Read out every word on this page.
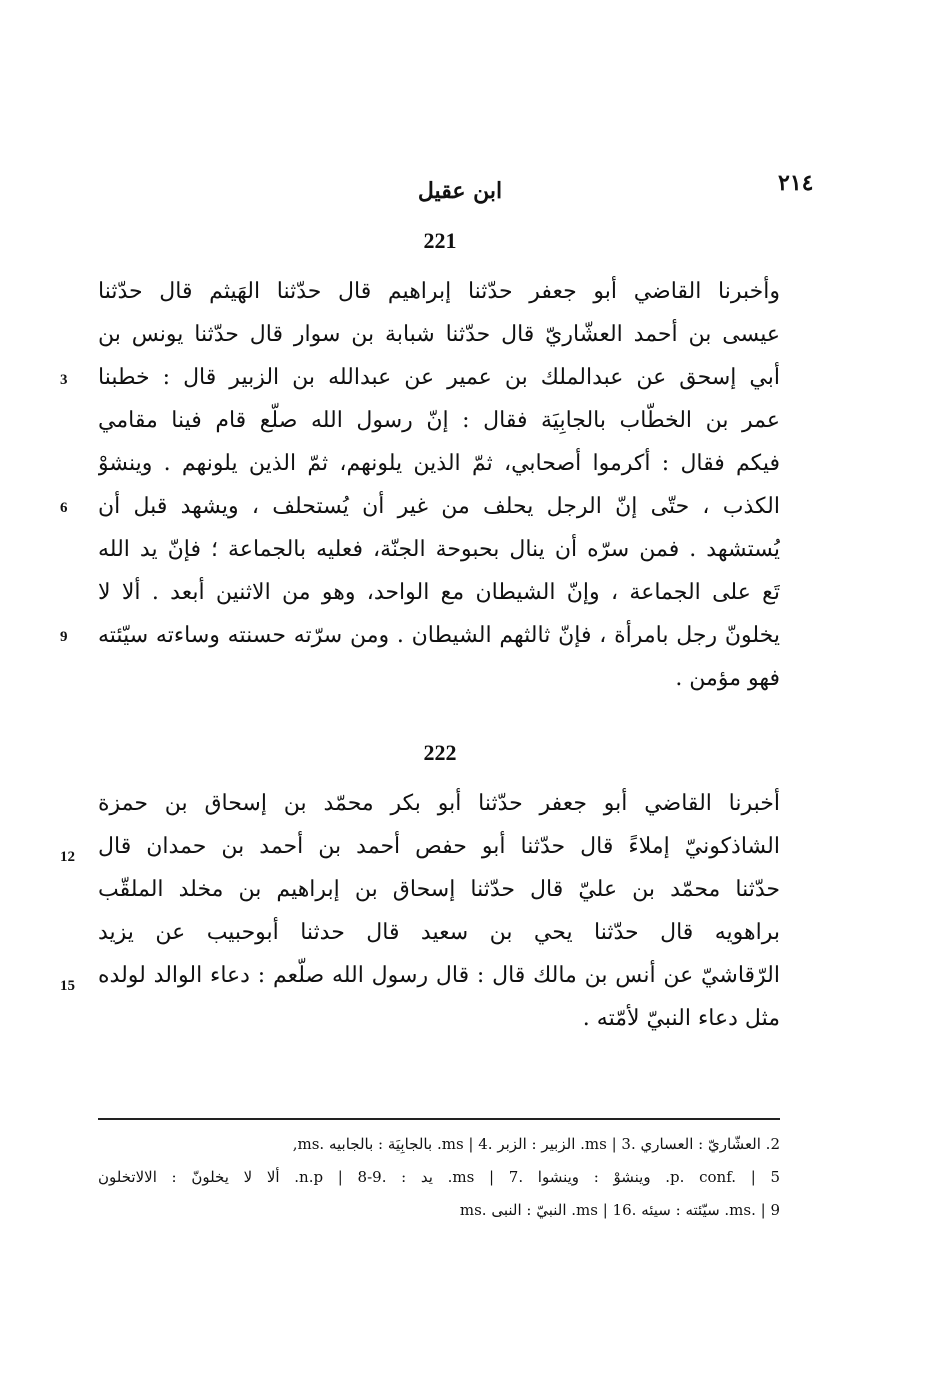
٢١٤
ابن عقيل
221
وأخبرنا القاضي أبو جعفر حدّثنا إبراهيم قال حدّثنا الهَيثم قال حدّثنا
عيسى بن أحمد العشّاريّ قال حدّثنا شبابة بن سوار قال حدّثنا يونس بن
أبي إسحق عن عبدالملك بن عمير عن عبدالله بن الزبير قال : خطبنا
عمر بن الخطّاب بالجابِيَة فقال : إنّ رسول الله صلّع قام فينا مقامي
فيكم فقال : أكرموا أصحابي، ثمّ الذين يلونهم، ثمّ الذين يلونهم . وينشوْ
الكذب ، حتّى إنّ الرجل يحلف من غير أن يُستحلف ، ويشهد قبل أن
يُستشهد . فمن سرّه أن ينال بحبوحة الجنّة، فعليه بالجماعة ؛ فإنّ يد الله
تَع على الجماعة ، وإنّ الشيطان مع الواحد، وهو من الاثنين أبعد . ألا لا
يخلونّ رجل بامرأة ، فإنّ ثالثهم الشيطان . ومن سرّته حسنته وساءته سيّئته
فهو مؤمن .
3
6
9
222
أخبرنا القاضي أبو جعفر حدّثنا أبو بكر محمّد بن إسحاق بن حمزة
الشاذكونيّ إملاءً قال حدّثنا أبو حفص أحمد بن أحمد بن حمدان قال
حدّثنا محمّد بن عليّ قال حدّثنا إسحاق بن إبراهيم بن مخلد الملقّب
براهويه قال حدّثنا يحي بن سعيد قال حدثنا أبوحبيب عن يزيد
الرّقاشيّ عن أنس بن مالك قال : قال رسول الله صلّعم : دعاء الوالد لولده
مثل دعاء النبيّ لأمّته .
12
15
2. العشّاريّ : العساري .ms | 3. الزبير : الزبر .ms | 4. بالجابِيَة : بالجابيه .ms,
p. conf. | 5. وينشوْ : وينشوا .ms | 7. يد : .n.p | 8-9. ألا لا يخلونّ : الالاتخلون
ms. | 9. سيّئته : سيئه .ms | 16. النبيّ : النبى .ms
